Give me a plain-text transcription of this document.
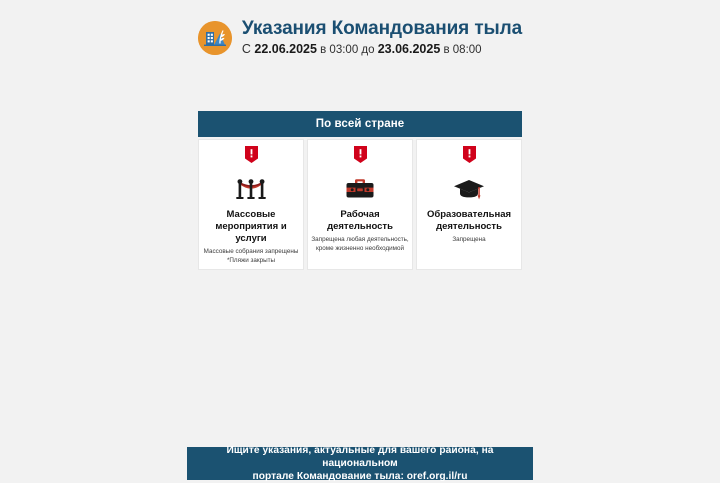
Указания Командования тыла
С 22.06.2025 в 03:00 до 23.06.2025 в 08:00
По всей стране
Массовые мероприятия и услуги
Массовые собрания запрещены
*Пляжи закрыты
Рабочая деятельность
Запрещена любая деятельность,
кроме жизненно необходимой
Образовательная деятельность
Запрещена
Ищите указания, актуальные для вашего района, на национальном
портале Командование тыла: oref.org.il/ru
